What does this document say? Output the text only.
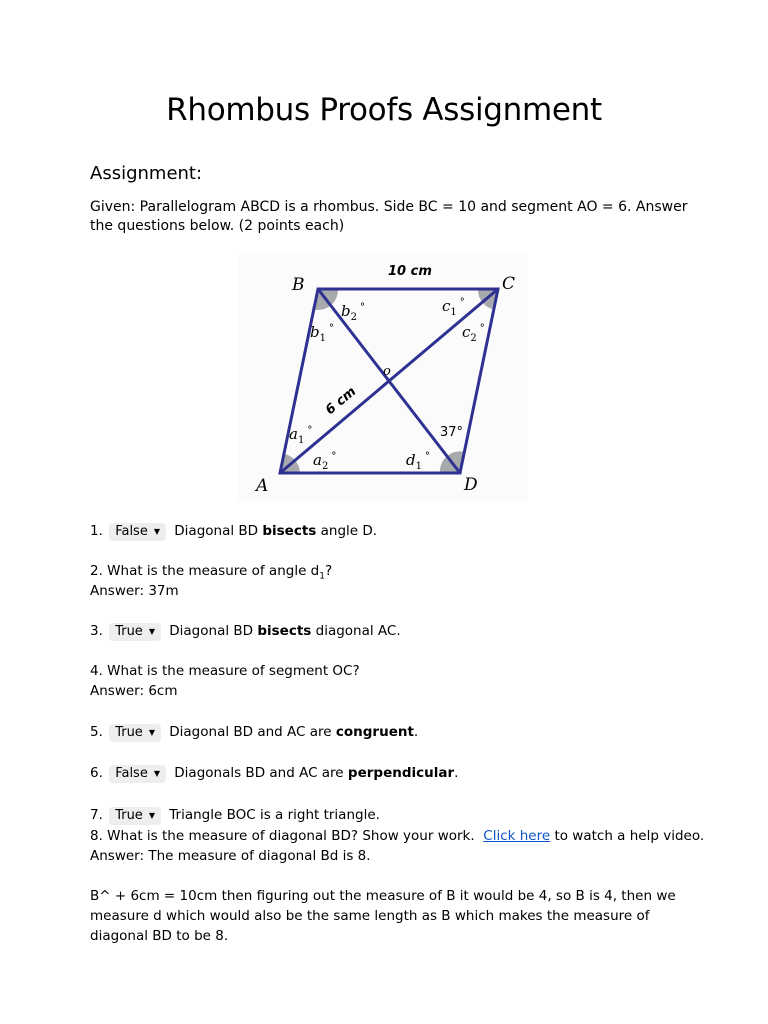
Rhombus Proofs Assignment
Assignment:
Given: Parallelogram ABCD is a rhombus. Side BC = 10 and segment AO = 6. Answer the questions below. (2 points each)
B	C
A	D
o
10 cm
6 cm
37°
$b_2^\circ$
$b_1^\circ$
$c_1^\circ$
$c_2^\circ$
$a_1^\circ$
$a_2^\circ$	$d_1^\circ$
1. False ▼ Diagonal BD bisects angle D.
2. What is the measure of angle $d_1$?
Answer: 37m
3. True ▼ Diagonal BD bisects diagonal AC.
4. What is the measure of segment OC?
Answer: 6cm
5. True ▼ Diagonal BD and AC are congruent.
6. False ▼ Diagonals BD and AC are perpendicular.
7. True ▼ Triangle BOC is a right triangle.
8. What is the measure of diagonal BD? Show your work. Click here to watch a help video.
Answer: The measure of diagonal Bd is 8.
B^ + 6cm = 10cm then figuring out the measure of B it would be 4, so B is 4, then we measure d which would also be the same length as B which makes the measure of diagonal BD to be 8.
